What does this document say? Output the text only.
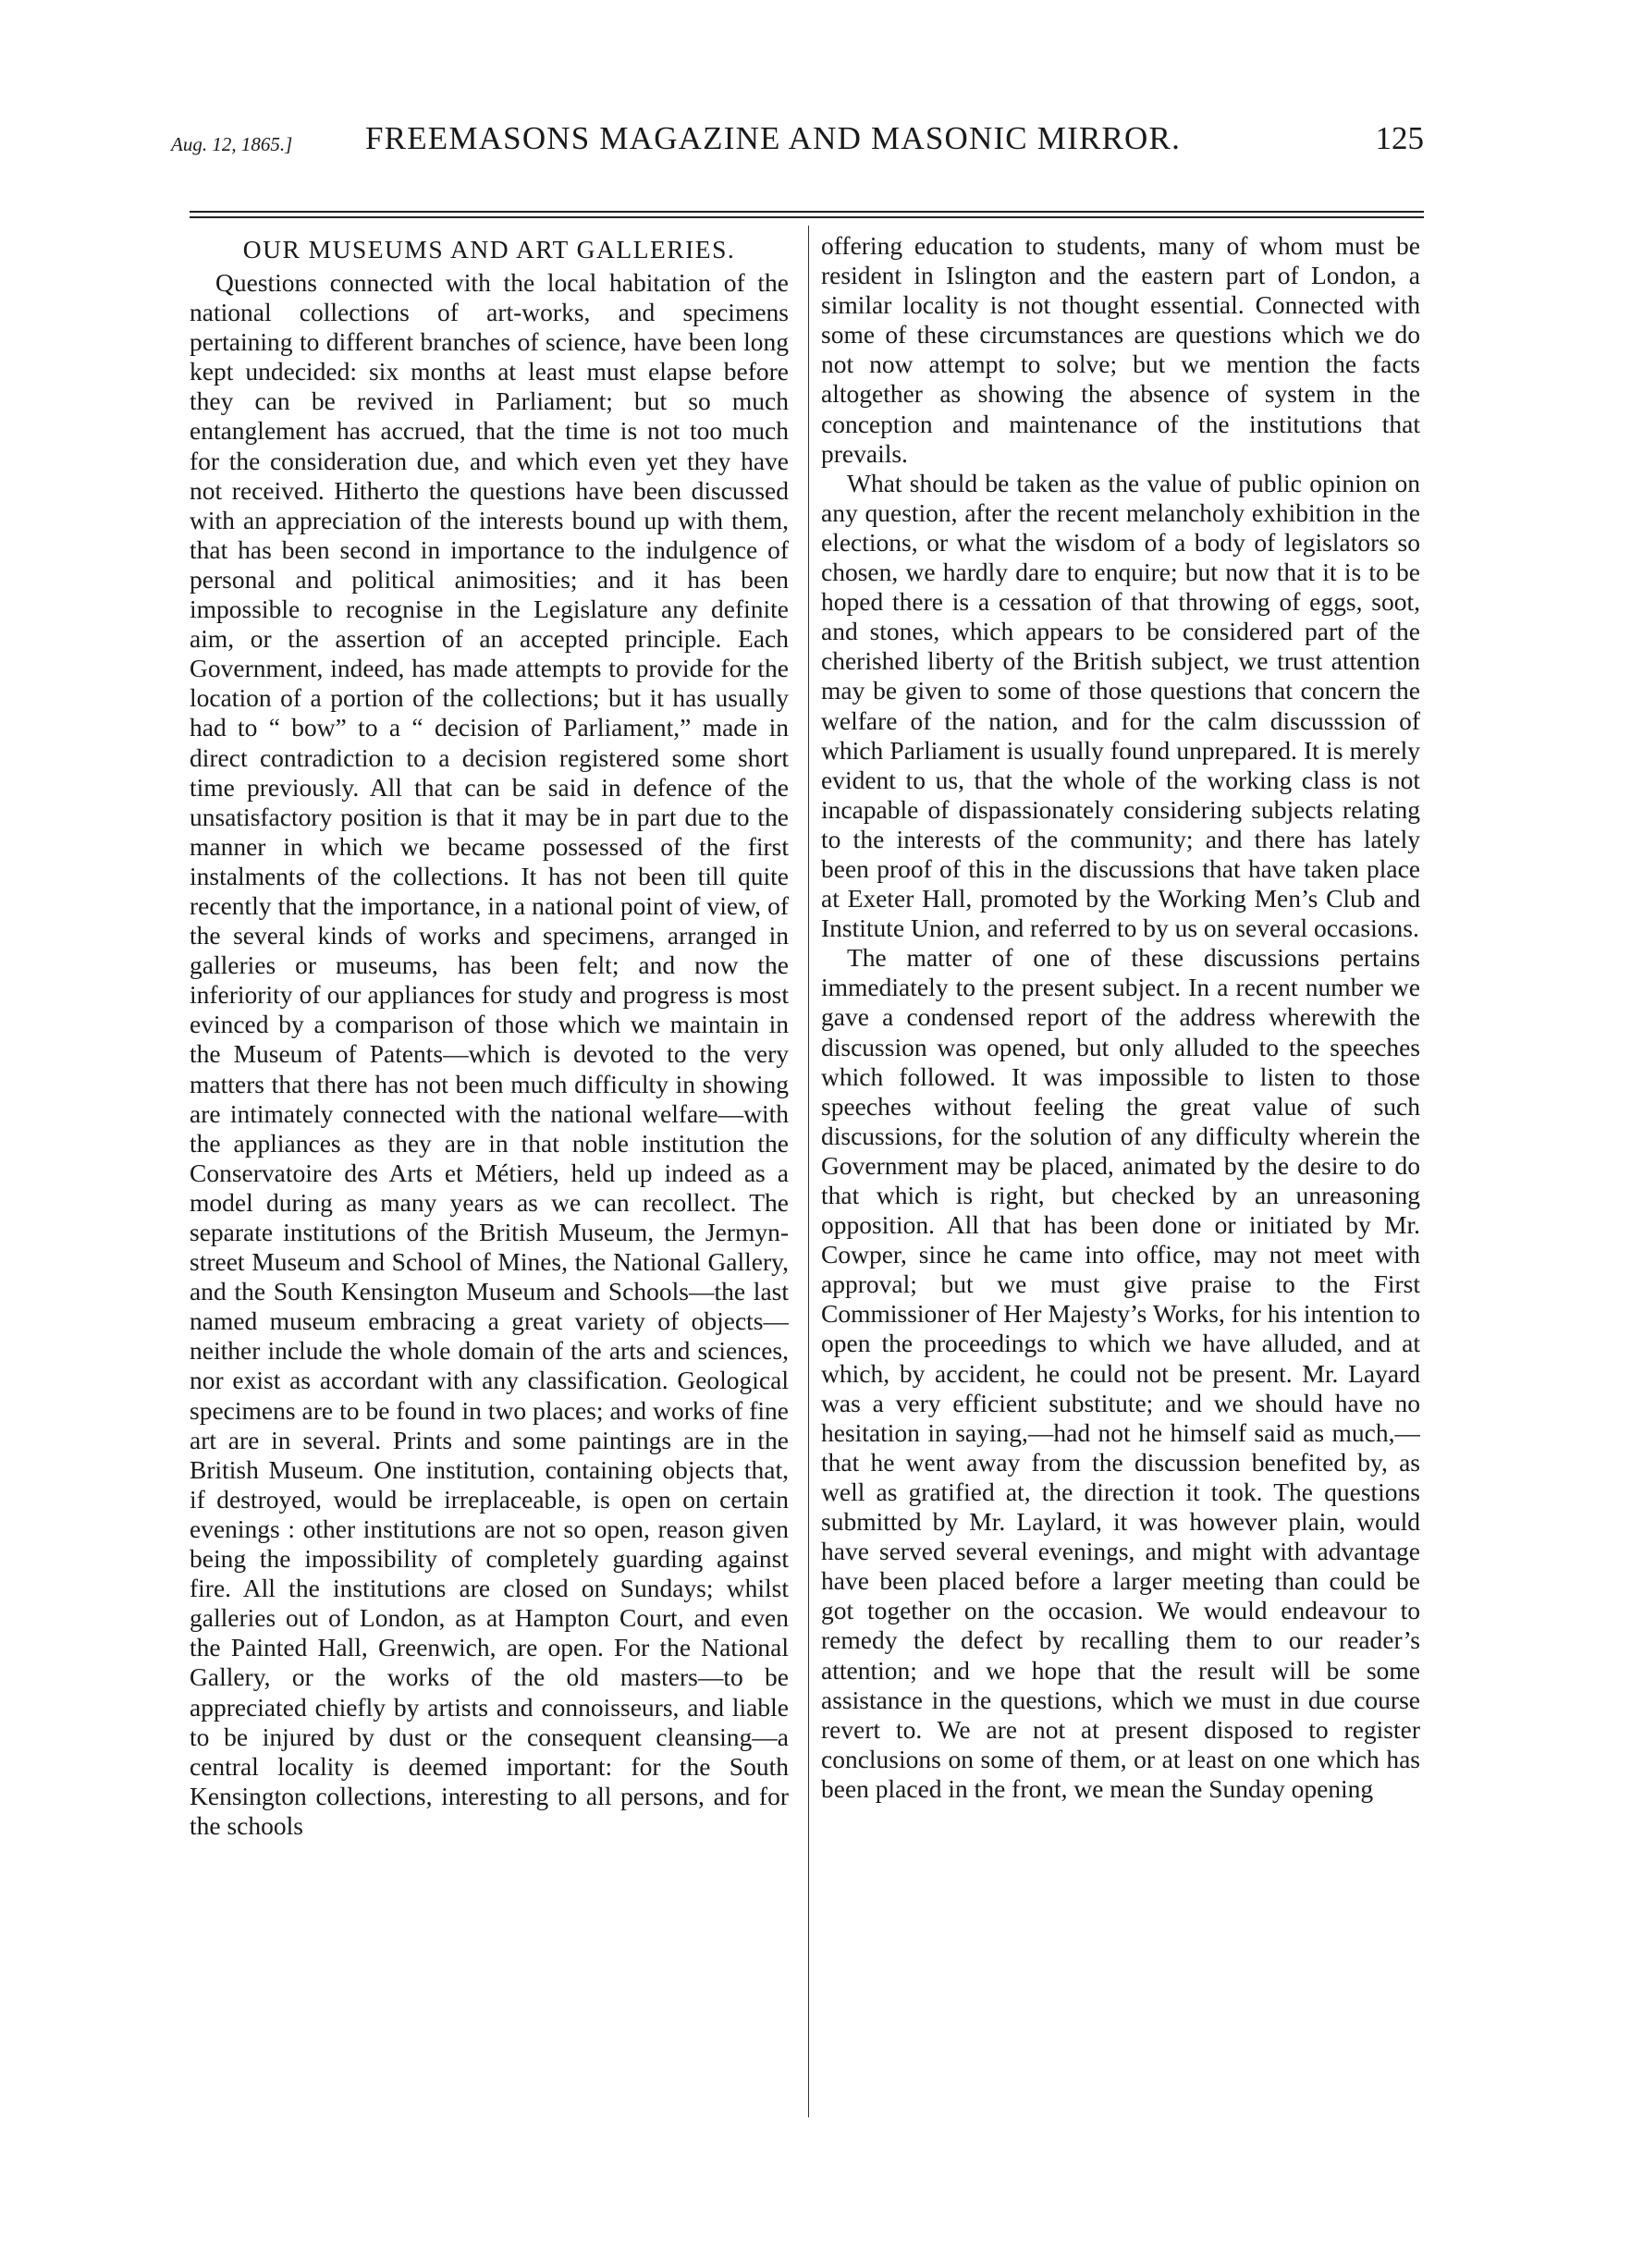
Aug. 12, 1865.] FREEMASONS MAGAZINE AND MASONIC MIRROR.	125
OUR MUSEUMS AND ART GALLERIES.

Questions connected with the local habitation of the national collections of art-works, and specimens pertaining to different branches of science, have been long kept undecided: six months at least must elapse before they can be revived in Parliament; but so much entanglement has accrued, that the time is not too much for the consideration due, and which even yet they have not received. Hitherto the questions have been discussed with an appreciation of the interests bound up with them, that has been second in importance to the indulgence of personal and political animosities; and it has been impossible to recognise in the Legislature any definite aim, or the assertion of an accepted principle. Each Government, indeed, has made attempts to provide for the location of a portion of the collections; but it has usually had to “ bow” to a “ decision of Parliament,” made in direct contradiction to a decision registered some short time previously. All that can be said in defence of the unsatisfactory position is that it may be in part due to the manner in which we became possessed of the first instalments of the collections. It has not been till quite recently that the importance, in a national point of view, of the several kinds of works and specimens, arranged in galleries or museums, has been felt; and now the inferiority of our appliances for study and progress is most evinced by a comparison of those which we maintain in the Museum of Patents—which is devoted to the very matters that there has not been much difficulty in showing are intimately connected with the national welfare—with the appliances as they are in that noble institution the Conservatoire des Arts et Métiers, held up indeed as a model during as many years as we can recollect. The separate institutions of the British Museum, the Jermyn-street Museum and School of Mines, the National Gallery, and the South Kensington Museum and Schools—the last named museum embracing a great variety of objects—neither include the whole domain of the arts and sciences, nor exist as accordant with any classification. Geological specimens are to be found in two places; and works of fine art are in several. Prints and some paintings are in the British Museum. One institution, containing objects that, if destroyed, would be irreplaceable, is open on certain evenings : other institutions are not so open, reason given being the impossibility of completely guarding against fire. All the institutions are closed on Sundays; whilst galleries out of London, as at Hampton Court, and even the Painted Hall, Greenwich, are open. For the National Gallery, or the works of the old masters—to be appreciated chiefly by artists and connoisseurs, and liable to be injured by dust or the consequent cleansing—a central locality is deemed important: for the South Kensington collections, interesting to all persons, and for the schools

offering education to students, many of whom must be resident in Islington and the eastern part of London, a similar locality is not thought essential. Connected with some of these circumstances are questions which we do not now attempt to solve; but we mention the facts altogether as showing the absence of system in the conception and maintenance of the institutions that prevails.

What should be taken as the value of public opinion on any question, after the recent melancholy exhibition in the elections, or what the wisdom of a body of legislators so chosen, we hardly dare to enquire; but now that it is to be hoped there is a cessation of that throwing of eggs, soot, and stones, which appears to be considered part of the cherished liberty of the British subject, we trust attention may be given to some of those questions that concern the welfare of the nation, and for the calm discusssion of which Parliament is usually found unprepared. It is merely evident to us, that the whole of the working class is not incapable of dispassionately considering subjects relating to the interests of the community; and there has lately been proof of this in the discussions that have taken place at Exeter Hall, promoted by the Working Men’s Club and Institute Union, and referred to by us on several occasions.

The matter of one of these discussions pertains immediately to the present subject. In a recent number we gave a condensed report of the address wherewith the discussion was opened, but only alluded to the speeches which followed. It was impossible to listen to those speeches without feeling the great value of such discussions, for the solution of any difficulty wherein the Government may be placed, animated by the desire to do that which is right, but checked by an unreasoning opposition. All that has been done or initiated by Mr. Cowper, since he came into office, may not meet with approval; but we must give praise to the First Commissioner of Her Majesty’s Works, for his intention to open the proceedings to which we have alluded, and at which, by accident, he could not be present. Mr. Layard was a very efficient substitute; and we should have no hesitation in saying,—had not he himself said as much,—that he went away from the discussion benefited by, as well as gratified at, the direction it took. The questions submitted by Mr. Laylard, it was however plain, would have served several evenings, and might with advantage have been placed before a larger meeting than could be got together on the occasion. We would endeavour to remedy the defect by recalling them to our reader’s attention; and we hope that the result will be some assistance in the questions, which we must in due course revert to. We are not at present disposed to register conclusions on some of them, or at least on one which has been placed in the front, we mean the Sunday opening
